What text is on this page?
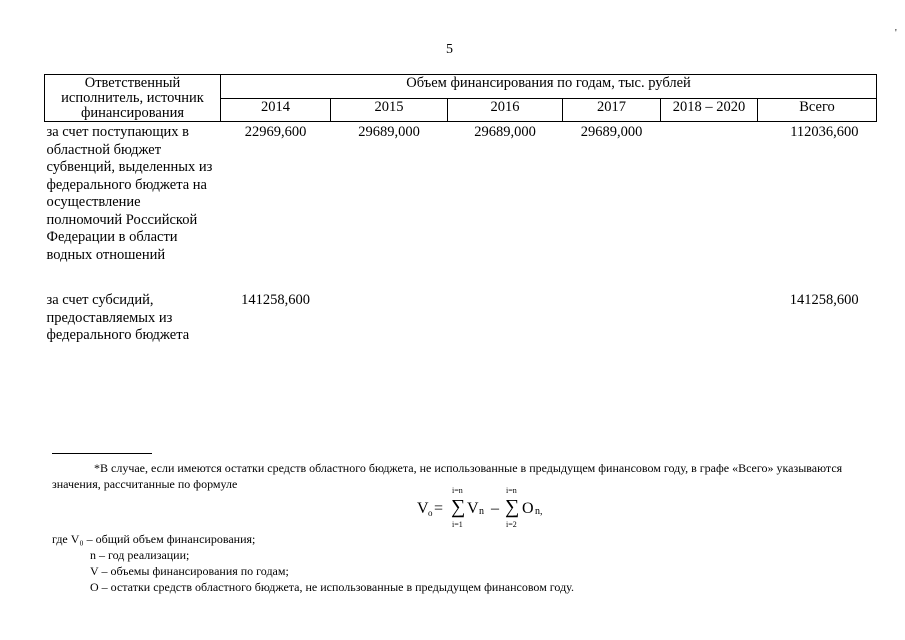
5
'
Ответственный исполнитель, источник финансирования	Объем финансирования по годам, тыс. рублей					
	2014	2015	2016	2017	2018 – 2020	Всего
за счет поступающих в областной бюджет субвенций, выделенных из федерального бюджета на осуществление полномочий Российской Федерации в области водных отношений	22969,600	29689,000	29689,000	29689,000		112036,600
за счет субсидий, предоставляемых из федерального бюджета	141258,600					141258,600
*В случае, если имеются остатки средств областного бюджета, не использованные в предыдущем финансовом году, в графе «Всего» указываются значения, рассчитанные по формуле
V о =
i=n
∑
i=1
V n –
i=n
∑
i=2
O n,
где V₀ – общий объем финансирования;
n – год реализации;
V – объемы финансирования по годам;
O – остатки средств областного бюджета, не использованные в предыдущем финансовом году.
